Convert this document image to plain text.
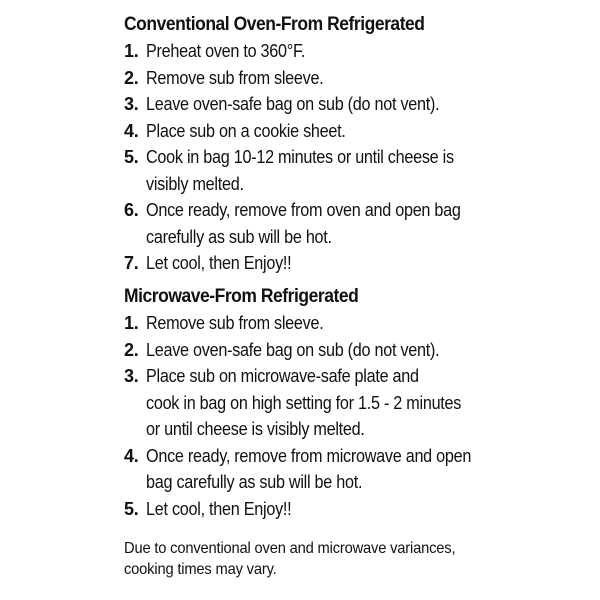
Conventional Oven-From Refrigerated
1. Preheat oven to 360°F.
2. Remove sub from sleeve.
3. Leave oven-safe bag on sub (do not vent).
4. Place sub on a cookie sheet.
5. Cook in bag 10-12 minutes or until cheese is
visibly melted.
6. Once ready, remove from oven and open bag
carefully as sub will be hot.
7. Let cool, then Enjoy!!
Microwave-From Refrigerated
1. Remove sub from sleeve.
2. Leave oven-safe bag on sub (do not vent).
3. Place sub on microwave-safe plate and
cook in bag on high setting for 1.5 - 2 minutes
or until cheese is visibly melted.
4. Once ready, remove from microwave and open
bag carefully as sub will be hot.
5. Let cool, then Enjoy!!
Due to conventional oven and microwave variances,
cooking times may vary.
